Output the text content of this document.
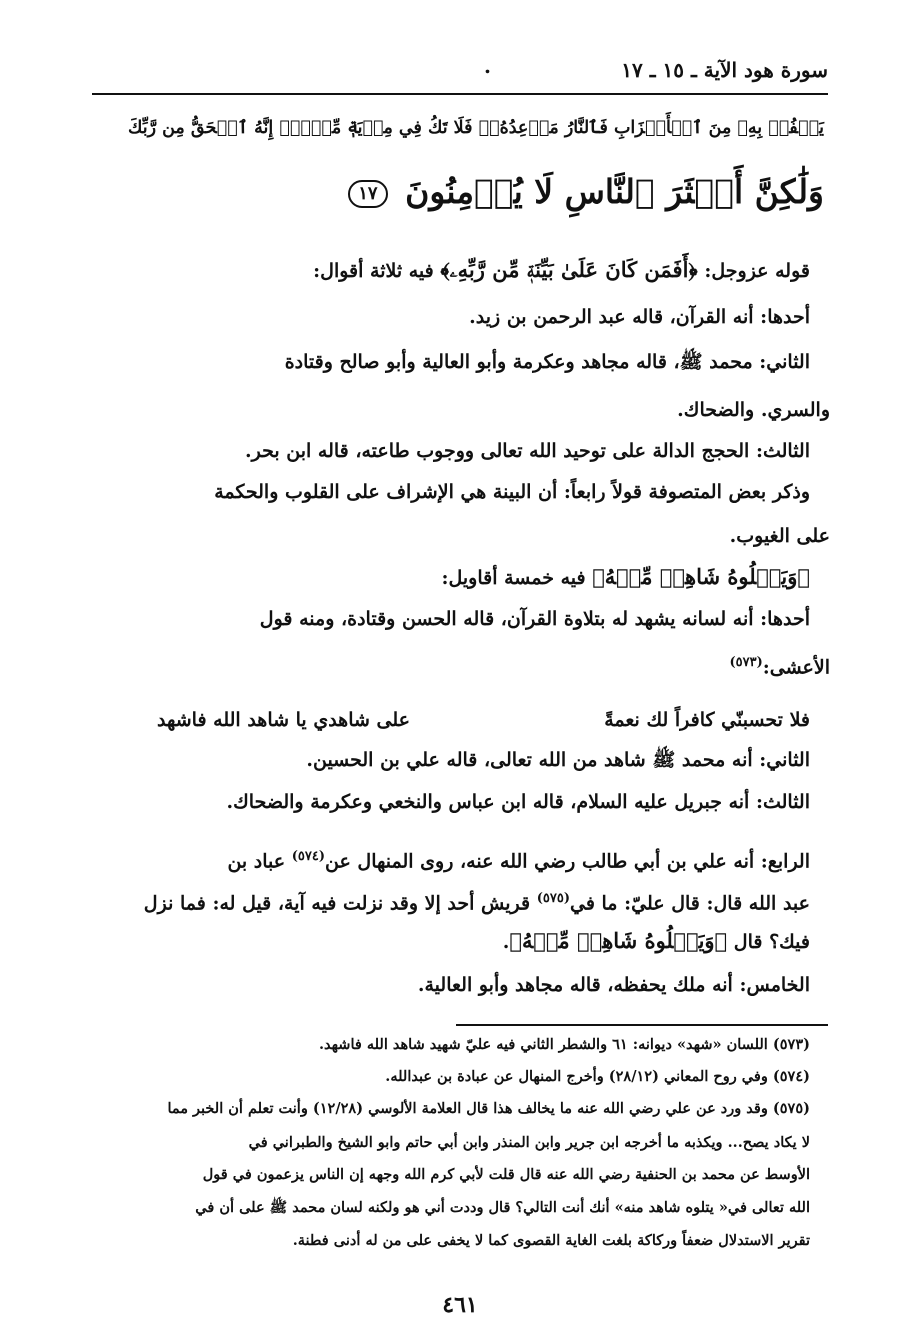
سورة هود الآية ـ ١٥ ـ ١٧
.
يَكۡفُرۡ بِهِۦ مِنَ ٱلۡأَحۡزَابِ فَٱلنَّارُ مَوۡعِدُهُۥۚ فَلَا تَكُ فِي مِرۡيَةٖ مِّنۡهُۚ إِنَّهُ ٱلۡحَقُّ مِن رَّبِّكَ
وَلَٰكِنَّ أَكۡثَرَ ٱلنَّاسِ لَا يُؤۡمِنُونَ ١٧
قوله عزوجل: ﴿أَفَمَن كَانَ عَلَىٰ بَيِّنَةٖ مِّن رَّبِّهِۦ﴾ فيه ثلاثة أقوال:
أحدها: أنه القرآن، قاله عبد الرحمن بن زيد.
الثاني: محمد ﷺ، قاله مجاهد وعكرمة وأبو العالية وأبو صالح وقتادة
والسري. والضحاك.
الثالث: الحجج الدالة على توحيد الله تعالى ووجوب طاعته، قاله ابن بحر.
وذكر بعض المتصوفة قولاً رابعاً: أن البينة هي الإشراف على القلوب والحكمة
على الغيوب.
﴿وَيَتۡلُوهُ شَاهِدٞ مِّنۡهُ﴾ فيه خمسة أقاويل:
أحدها: أنه لسانه يشهد له بتلاوة القرآن، قاله الحسن وقتادة، ومنه قول
الأعشى:$^{(٥٧٣)}$
فلا تحسبنّي كافراً لك نعمةً
على شاهدي يا شاهد الله فاشهد
الثاني: أنه محمد ﷺ شاهد من الله تعالى، قاله علي بن الحسين.
الثالث: أنه جبريل عليه السلام، قاله ابن عباس والنخعي وعكرمة والضحاك.
الرابع: أنه علي بن أبي طالب رضي الله عنه، روى المنهال عن$^{(٥٧٤)}$ عباد بن
عبد الله قال: قال عليّ: ما في$^{(٥٧٥)}$ قريش أحد إلا وقد نزلت فيه آية، قيل له: فما نزل
فيك؟ قال ﴿وَيَتۡلُوهُ شَاهِدٞ مِّنۡهُ﴾.
الخامس: أنه ملك يحفظه، قاله مجاهد وأبو العالية.
(٥٧٣) اللسان «شهد» ديوانه: ٦١ والشطر الثاني فيه عليّ شهيد شاهد الله فاشهد.
(٥٧٤) وفي روح المعاني (٢٨/١٢) وأخرج المنهال عن عبادة بن عبدالله.
(٥٧٥) وقد ورد عن علي رضي الله عنه ما يخالف هذا قال العلامة الألوسي (١٢/٢٨) وأنت تعلم أن الخبر مما
لا يكاد يصح... ويكذبه ما أخرجه ابن جرير وابن المنذر وابن أبي حاتم وابو الشيخ والطبراني في
الأوسط عن محمد بن الحنفية رضي الله عنه قال قلت لأبي كرم الله وجهه إن الناس يزعمون في قول
الله تعالى في« يتلوه شاهد منه» أنك أنت التالي؟ قال وددت أني هو ولكنه لسان محمد ﷺ على أن في
تقرير الاستدلال ضعفاً وركاكة بلغت الغاية القصوى كما لا يخفى على من له أدنى فطنة.
٤٦١
